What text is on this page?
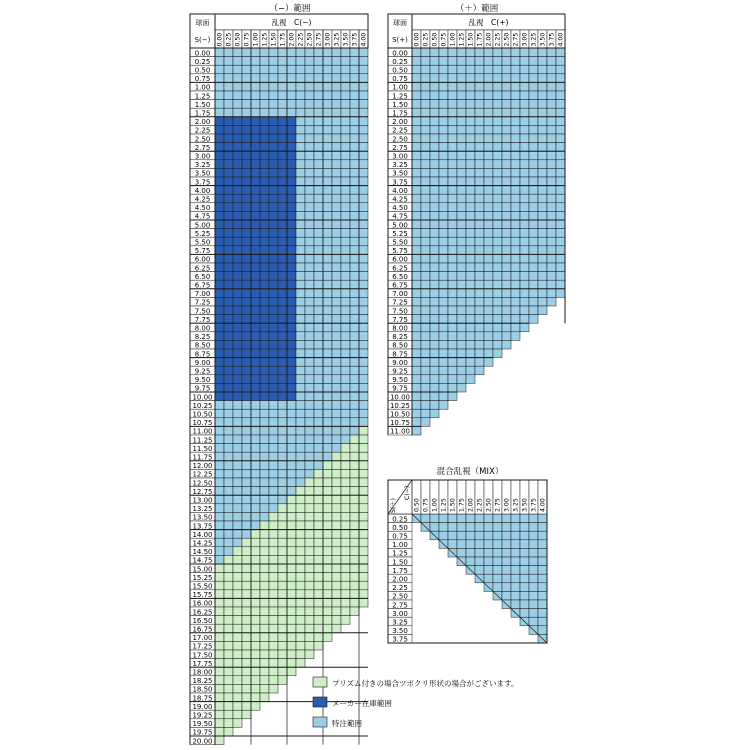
（−）範囲
0.00
0.25
0.50
0.75
1.00
1.25
1.50
1.75
2.00
2.25
2.50
2.75
3.00
3.25
3.50
3.75
4.00
4.25
4.50
4.75
5.00
5.25
5.50
5.75
6.00
6.25
6.50
6.75
7.00
7.25
7.50
7.75
8.00
8.25
8.50
8.75
9.00
9.25
9.50
9.75
10.00
10.25
10.50
10.75
11.00
11.25
11.50
11.75
12.00
12.25
12.50
12.75
13.00
13.25
13.50
13.75
14.00
14.25
14.50
14.75
15.00
15.25
15.50
15.75
16.00
16.25
16.50
16.75
17.00
17.25
17.50
17.75
18.00
18.25
18.50
18.75
19.00
19.25
19.50
19.75
20.00
球面
S(−)
乱視　C(−)
0.00 0.25 0.50 0.75 1.00 1.25 1.50 1.75 2.00 2.25 2.50 2.75 3.00 3.25 3.50 3.75 4.00
（＋）範囲
0.00
0.25
0.50
0.75
1.00
1.25
1.50
1.75
2.00
2.25
2.50
2.75
3.00
3.25
3.50
3.75
4.00
4.25
4.50
4.75
5.00
5.25
5.50
5.75
6.00
6.25
6.50
6.75
7.00
7.25
7.50
7.75
8.00
8.25
8.50
8.75
9.00
9.25
9.50
9.75
10.00
10.25
10.50
10.75
11.00
球面
S(+)
乱視　C(+)
0.00 0.25 0.50 0.75 1.00 1.25 1.50 1.75 2.00 2.25 2.50 2.75 3.00 3.25 3.50 3.75 4.00
混合乱視（MIX）
0.25
0.50
0.75
1.00
1.25
1.50
1.75
2.00
2.25
2.50
2.75
3.00
3.25
3.50
3.75
0.50 0.75 1.00 1.25 1.50 1.75 2.00 2.25 2.50 2.75 3.00 3.25 3.50 3.75 4.00
C(−)
S(＋)
プリズム付きの場合ツボクリ形状の場合がございます。
メーカー在庫範囲
特注範囲
